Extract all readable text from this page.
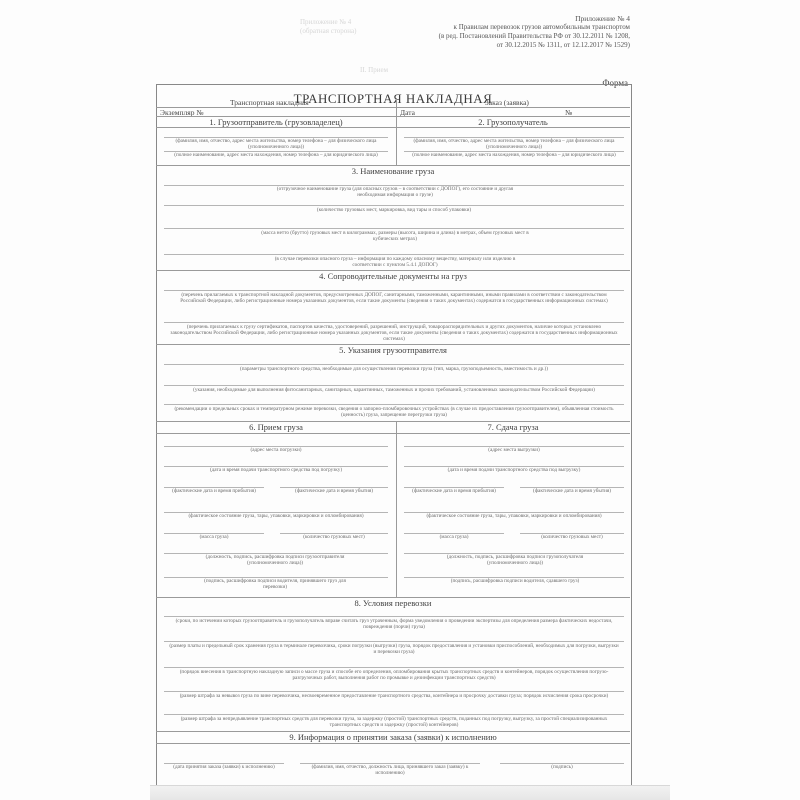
Приложение № 4
(обратная сторона)
II. Прием
Приложение № 4
к Правилам перевозок грузов автомобильным транспортом
(в ред. Постановлений Правительства РФ от 30.12.2011 № 1208,
от 30.12.2015 № 1311, от 12.12.2017 № 1529)
Форма
ТРАНСПОРТНАЯ НАКЛАДНАЯ
Транспортная накладная	Заказ (заявка)
Экземпляр №	Дата	№
1. Грузоотправитель (грузовладелец)	2. Грузополучатель
(фамилия, имя, отчество, адрес места жительства, номер телефона – для физического лица (уполномоченного лица))
(полное наименование, адрес места нахождения, номер телефона – для юридического лица)
(фамилия, имя, отчество, адрес места жительства, номер телефона – для физического лица (уполномоченного лица))
(полное наименование, адрес места нахождения, номер телефона – для юридического лица)
3. Наименование груза
(отгрузочное наименование груза (для опасных грузов – в соответствии с ДОПОГ), его состояние и другая необходимая информация о грузе)
(количество грузовых мест, маркировка, вид тары и способ упаковки)
(масса нетто (брутто) грузовых мест в килограммах, размеры (высота, ширина и длина) в метрах, объем грузовых мест в кубических метрах)
(в случае перевозки опасного груза – информация по каждому опасному веществу, материалу или изделию в соответствии с пунктом 5.4.1 ДОПОГ)
4. Сопроводительные документы на груз
(перечень прилагаемых к транспортной накладной документов, предусмотренных ДОПОГ, санитарными, таможенными, карантинными, иными правилами в соответствии с законодательством Российской Федерации, либо регистрационные номера указанных документов, если такие документы (сведения о таких документах) содержатся в государственных информационных системах)
(перечень прилагаемых к грузу сертификатов, паспортов качества, удостоверений, разрешений, инструкций, товарораспорядительных и других документов, наличие которых установлено законодательством Российской Федерации, либо регистрационные номера указанных документов, если такие документы (сведения о таких документах) содержатся в государственных информационных системах)
5. Указания грузоотправителя
(параметры транспортного средства, необходимые для осуществления перевозки груза (тип, марка, грузоподъемность, вместимость и др.))
(указания, необходимые для выполнения фитосанитарных, санитарных, карантинных, таможенных и прочих требований, установленных законодательством Российской Федерации)
(рекомендации о предельных сроках и температурном режиме перевозки, сведения о запорно-пломбировочных устройствах (в случае их предоставления грузоотправителем), объявленная стоимость (ценность) груза, запрещение перегрузки груза)
6. Прием груза	7. Сдача груза
(адрес места погрузки)
(дата и время подачи транспортного средства под погрузку)
(фактические дата и время прибытия)	(фактические дата и время убытия)
(фактическое состояние груза, тары, упаковки, маркировки и опломбирования)
(масса груза)	(количество грузовых мест)
(должность, подпись, расшифровка подписи грузоотправителя (уполномоченного лица))
(подпись, расшифровка подписи водителя, принявшего груз для перевозки)
(адрес места выгрузки)
(дата и время подачи транспортного средства под выгрузку)
(фактические дата и время прибытия)	(фактические дата и время убытия)
(фактическое состояние груза, тары, упаковки, маркировки и опломбирования)
(масса груза)	(количество грузовых мест)
(должность, подпись, расшифровка подписи грузополучателя (уполномоченного лица))
(подпись, расшифровка подписи водителя, сдавшего груз)
8. Условия перевозки
(сроки, по истечении которых грузоотправитель и грузополучатель вправе считать груз утраченным, форма уведомления о проведении экспертизы для определения размера фактических недостачи, повреждения (порчи) груза)
(размер платы и предельный срок хранения груза в терминале перевозчика, сроки погрузки (выгрузки) груза, порядок предоставления и установки приспособлений, необходимых для погрузки, выгрузки и перевозки груза)
(порядок внесения в транспортную накладную записи о массе груза и способе его определения, опломбирования крытых транспортных средств и контейнеров, порядок осуществления погрузо-разгрузочных работ, выполнения работ по промывке и дезинфекции транспортных средств)
(размер штрафа за невывоз груза по вине перевозчика, несвоевременное предоставление транспортного средства, контейнера и просрочку доставки груза; порядок исчисления срока просрочки)
(размер штрафа за непредъявление транспортных средств для перевозки груза, за задержку (простой) транспортных средств, поданных под погрузку, выгрузку, за простой специализированных транспортных средств и задержку (простой) контейнеров)
9. Информация о принятии заказа (заявки) к исполнению
(дата принятия заказа (заявки) к исполнению)	(фамилия, имя, отчество, должность лица, принявшего заказ (заявку) к исполнению)
(подпись)
